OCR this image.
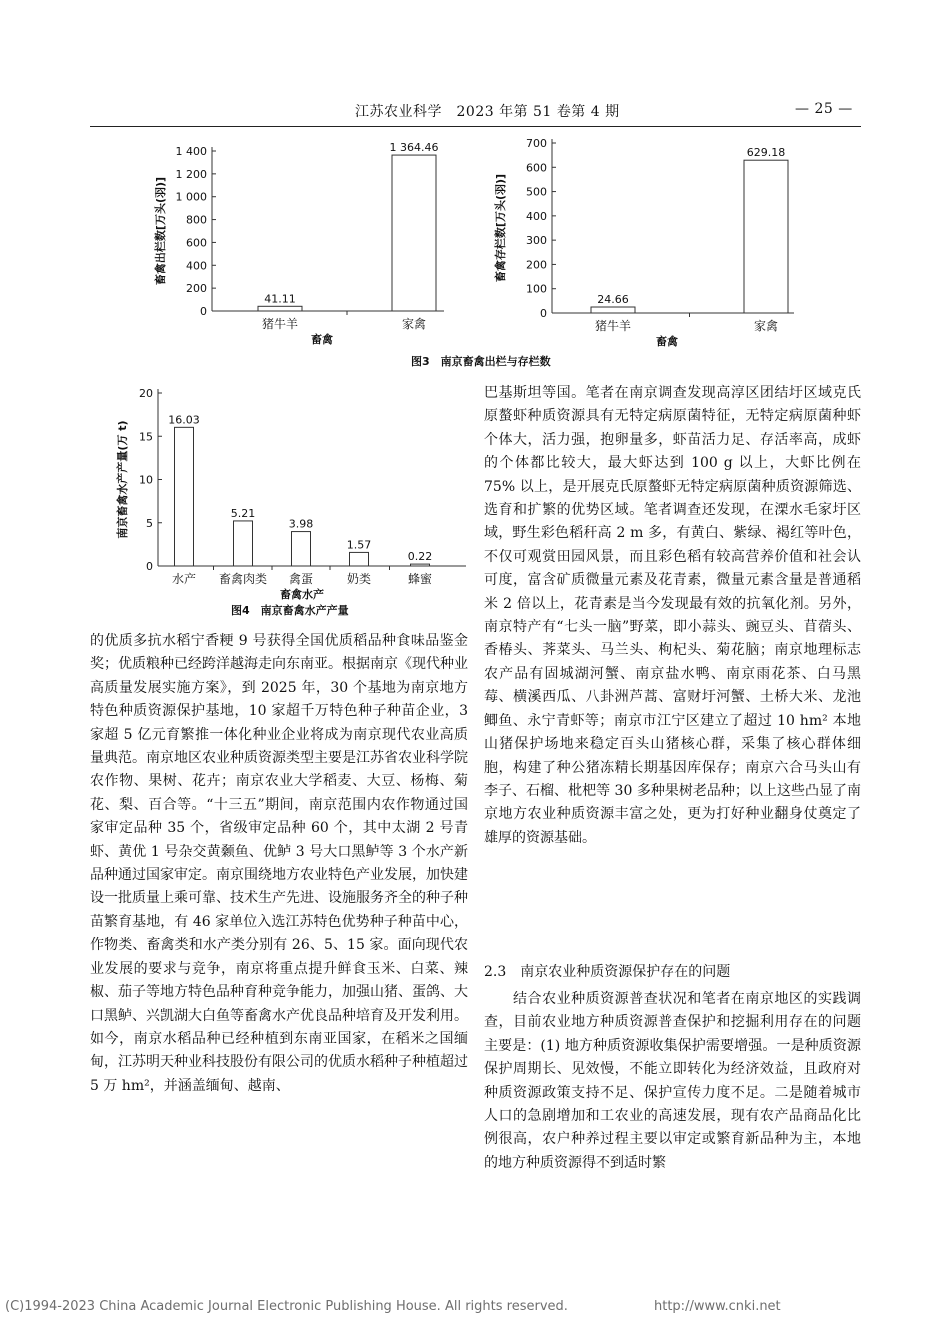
江苏农业科学　2023 年第 51 卷第 4 期	— 25 —
0
200
400
600
800
1 000
1 200
1 400
41.11
猪牛羊
1 364.46
家禽
畜禽
畜禽出栏数[万头(羽)]
0
100
200
300
400
500
600
700
24.66
猪牛羊
629.18
家禽
畜禽
畜禽存栏数[万头(羽)]
0
5
10
15
20
16.03
水产
5.21
畜禽肉类
3.98
禽蛋
1.57
奶类
0.22
蜂蜜
畜禽水产
南京畜禽水产产量(万 t)
图3　南京畜禽出栏与存栏数
图4　南京畜禽水产产量

的优质多抗水稻宁香粳 9 号获得全国优质稻品种食味品鉴金奖；优质粮种已经跨洋越海走向东南亚。根据南京《现代种业高质量发展实施方案》，到 2025 年，30 个基地为南京地方特色种质资源保护基地，10 家超千万特色种子种苗企业，3 家超 5 亿元育繁推一体化种业企业将成为南京现代农业高质量典范。南京地区农业种质资源类型主要是江苏省农业科学院农作物、果树、花卉；南京农业大学稻麦、大豆、杨梅、菊花、梨、百合等。“十三五”期间，南京范围内农作物通过国家审定品种 35 个，省级审定品种 60 个，其中太湖 2 号青虾、黄优 1 号杂交黄颡鱼、优鲈 3 号大口黑鲈等 3 个水产新品种通过国家审定。南京围绕地方农业特色产业发展，加快建设一批质量上乘可靠、技术生产先进、设施服务齐全的种子种苗繁育基地，有 46 家单位入选江苏特色优势种子种苗中心，作物类、畜禽类和水产类分别有 26、5、15 家。面向现代农业发展的要求与竞争，南京将重点提升鲜食玉米、白菜、辣椒、茄子等地方特色品种育种竞争能力，加强山猪、蛋鸽、大口黑鲈、兴凯湖大白鱼等畜禽水产优良品种培育及开发利用。如今，南京水稻品种已经种植到东南亚国家，在稻米之国缅甸，江苏明天种业科技股份有限公司的优质水稻种子种植超过 5 万 hm²，并涵盖缅甸、越南、

巴基斯坦等国。笔者在南京调查发现高淳区团结圩区域克氏原螯虾种质资源具有无特定病原菌特征，无特定病原菌种虾个体大，活力强，抱卵量多，虾苗活力足、存活率高，成虾的个体都比较大，最大虾达到 100 g 以上，大虾比例在 75% 以上，是开展克氏原螯虾无特定病原菌种质资源筛选、选育和扩繁的优势区域。笔者调查还发现，在溧水毛家圩区域，野生彩色稻秆高 2 m 多，有黄白、紫绿、褐红等叶色，不仅可观赏田园风景，而且彩色稻有较高营养价值和社会认可度，富含矿质微量元素及花青素，微量元素含量是普通稻米 2 倍以上，花青素是当今发现最有效的抗氧化剂。另外，南京特产有“七头一脑”野菜，即小蒜头、豌豆头、苜蓿头、香椿头、荠菜头、马兰头、枸杞头、菊花脑；南京地理标志农产品有固城湖河蟹、南京盐水鸭、南京雨花茶、白马黑莓、横溪西瓜、八卦洲芦蒿、富财圩河蟹、土桥大米、龙池鲫鱼、永宁青虾等；南京市江宁区建立了超过 10 hm² 本地山猪保护场地来稳定百头山猪核心群，采集了核心群体细胞，构建了种公猪冻精长期基因库保存；南京六合马头山有李子、石榴、枇杷等 30 多种果树老品种；以上这些凸显了南京地方农业种质资源丰富之处，更为打好种业翻身仗奠定了雄厚的资源基础。

2.3　南京农业种质资源保护存在的问题

　　结合农业种质资源普查状况和笔者在南京地区的实践调查，目前农业地方种质资源普查保护和挖掘利用存在的问题主要是：(1) 地方种质资源收集保护需要增强。一是种质资源保护周期长、见效慢，不能立即转化为经济效益，且政府对种质资源政策支持不足、保护宣传力度不足。二是随着城市人口的急剧增加和工农业的高速发展，现有农产品商品化比例很高，农户种养过程主要以审定或繁育新品种为主，本地的地方种质资源得不到适时繁

(C)1994-2023 China Academic Journal Electronic Publishing House. All rights reserved.	http://www.cnki.net
